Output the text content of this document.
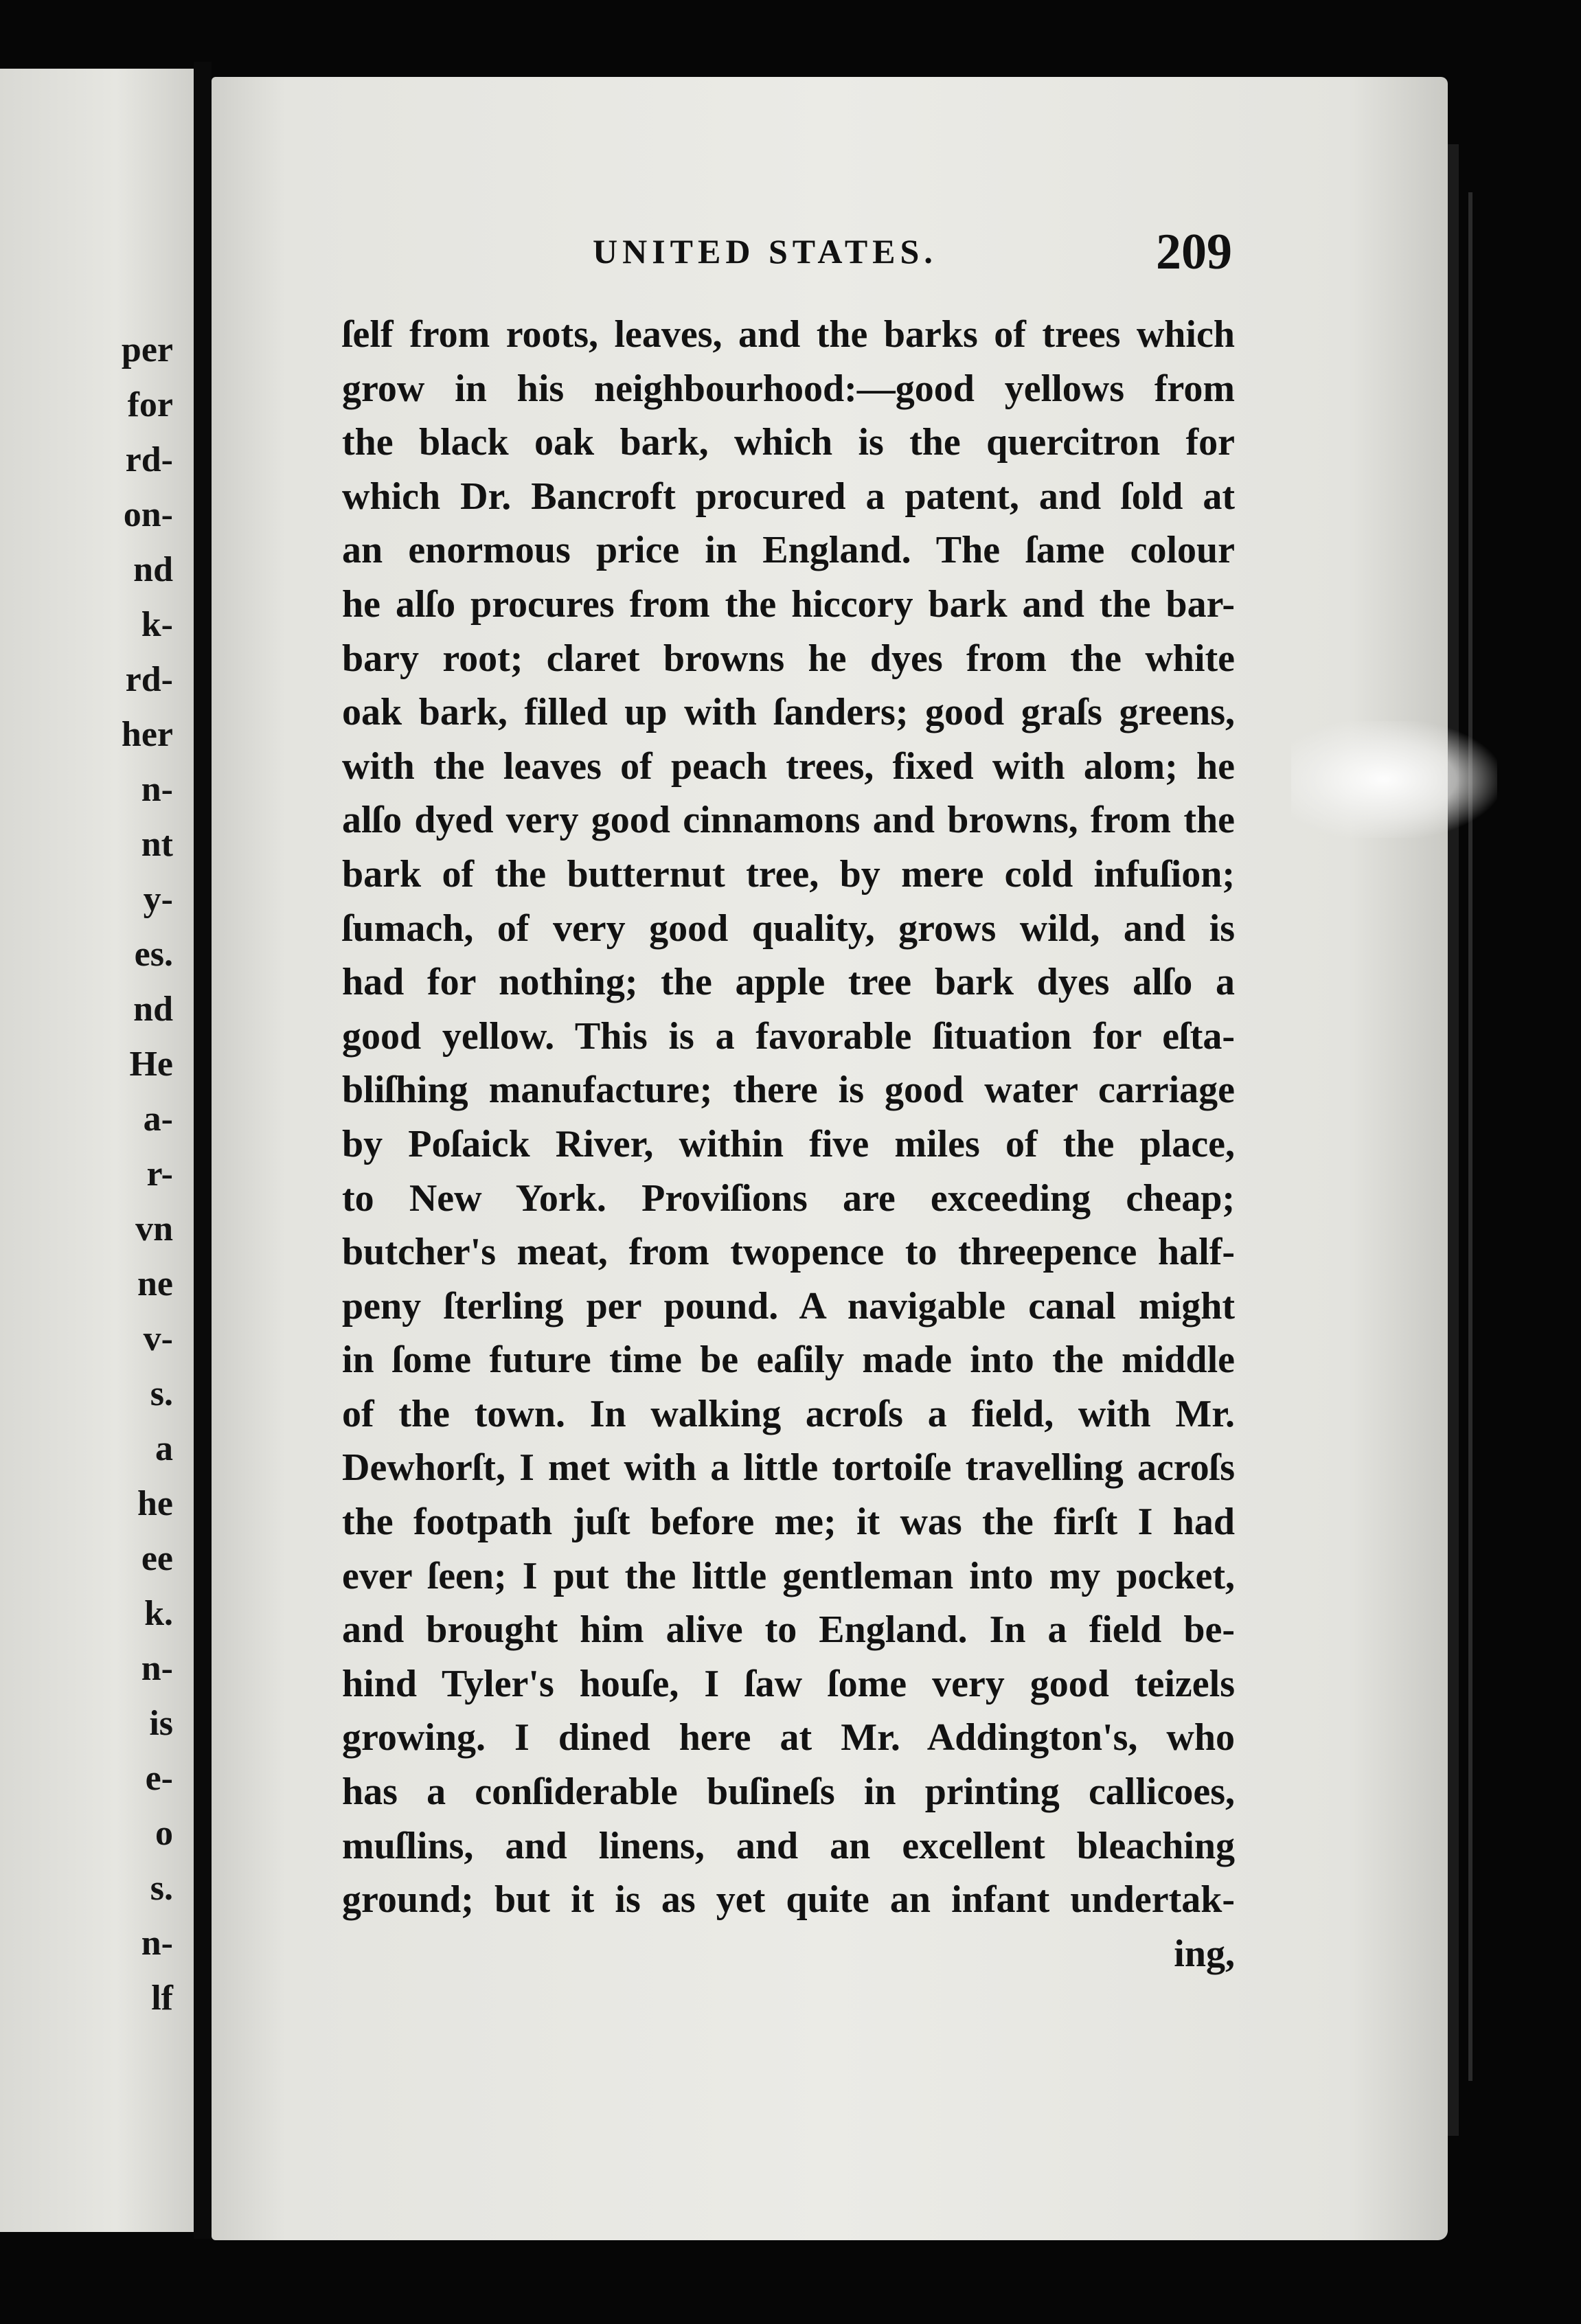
per
for
rd-
on-
nd
k-
rd-
her
n-
nt
y-
es.
nd
He
a-
r-
vn
ne
v-
s.
a
he
ee
k.
n-
is
e-
o
s.
n-
lf
UNITED STATES.	209
ſelf from roots, leaves, and the barks of trees which
grow in his neighbourhood:—good yellows from
the black oak bark, which is the quercitron for
which Dr. Bancroft procured a patent, and ſold at
an enormous price in England. The ſame colour
he alſo procures from the hiccory bark and the bar-
bary root; claret browns he dyes from the white
oak bark, filled up with ſanders; good graſs greens,
with the leaves of peach trees, fixed with alom; he
alſo dyed very good cinnamons and browns, from the
bark of the butternut tree, by mere cold infuſion;
ſumach, of very good quality, grows wild, and is
had for nothing; the apple tree bark dyes alſo a
good yellow. This is a favorable ſituation for eſta-
bliſhing manufacture; there is good water carriage
by Poſaick River, within five miles of the place,
to New York. Proviſions are exceeding cheap;
butcher's meat, from twopence to threepence half-
peny ſterling per pound. A navigable canal might
in ſome future time be eaſily made into the middle
of the town. In walking acroſs a field, with Mr.
Dewhorſt, I met with a little tortoiſe travelling acroſs
the footpath juſt before me; it was the firſt I had
ever ſeen; I put the little gentleman into my pocket,
and brought him alive to England. In a field be-
hind Tyler's houſe, I ſaw ſome very good teizels
growing. I dined here at Mr. Addington's, who
has a conſiderable buſineſs in printing callicoes,
muſlins, and linens, and an excellent bleaching
ground; but it is as yet quite an infant undertak-
ing,
